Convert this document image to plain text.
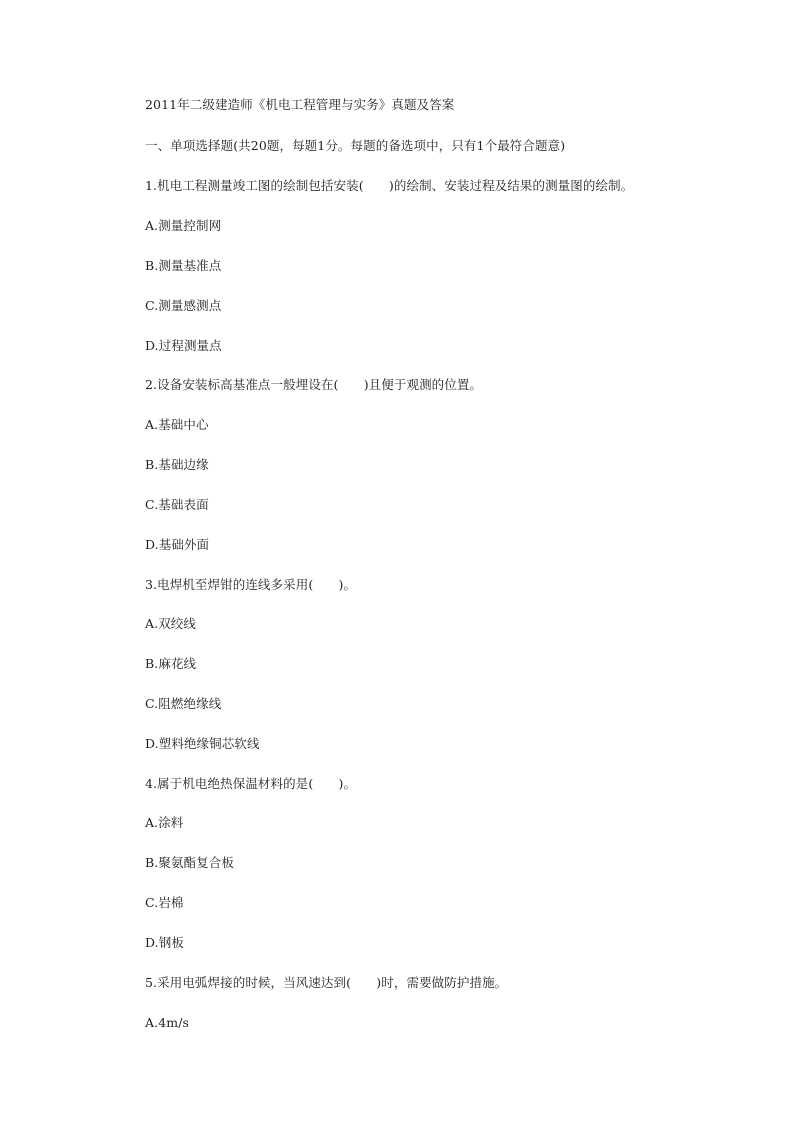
2011年二级建造师《机电工程管理与实务》真题及答案
一、单项选择题(共20题，每题1分。每题的备选项中，只有1个最符合题意)
1.机电工程测量竣工图的绘制包括安装(　　)的绘制、安装过程及结果的测量图的绘制。
A.测量控制网
B.测量基准点
C.测量感测点
D.过程测量点
2.设备安装标高基准点一般埋设在(　　)且便于观测的位置。
A.基础中心
B.基础边缘
C.基础表面
D.基础外面
3.电焊机至焊钳的连线多采用(　　)。
A.双绞线
B.麻花线
C.阻燃绝缘线
D.塑料绝缘铜芯软线
4.属于机电绝热保温材料的是(　　)。
A.涂料
B.聚氨酯复合板
C.岩棉
D.钢板
5.采用电弧焊接的时候，当风速达到(　　)时，需要做防护措施。
A.4m/s
